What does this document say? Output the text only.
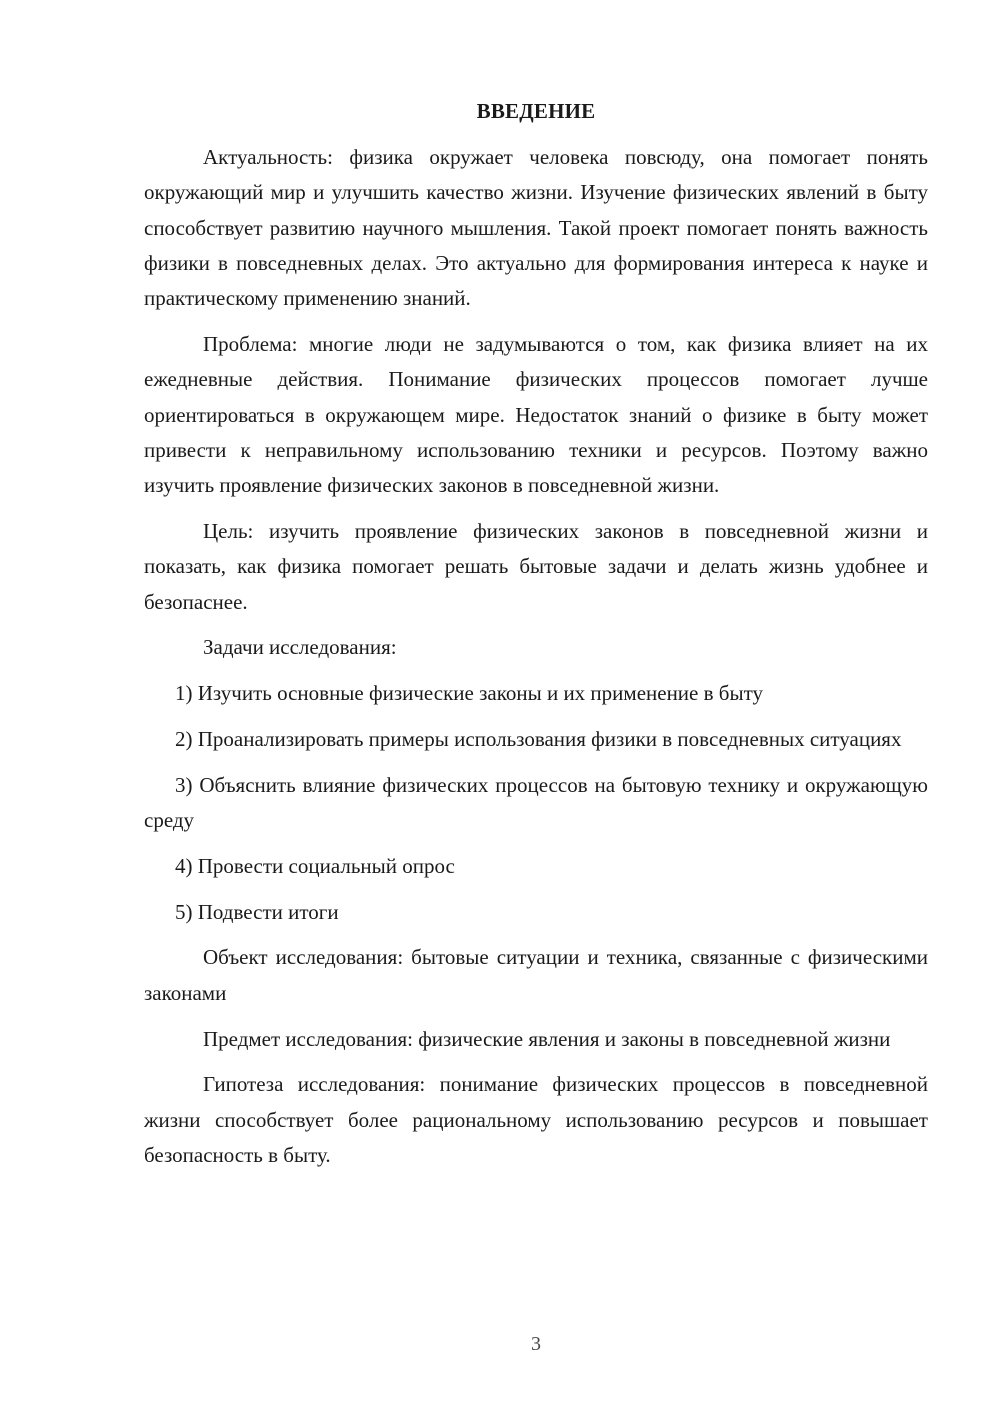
ВВЕДЕНИЕ

Актуальность: физика окружает человека повсюду, она помогает понять окружающий мир и улучшить качество жизни. Изучение физических явлений в быту способствует развитию научного мышления. Такой проект помогает понять важность физики в повседневных делах. Это актуально для формирования интереса к науке и практическому применению знаний.

Проблема: многие люди не задумываются о том, как физика влияет на их ежедневные действия. Понимание физических процессов помогает лучше ориентироваться в окружающем мире. Недостаток знаний о физике в быту может привести к неправильному использованию техники и ресурсов. Поэтому важно изучить проявление физических законов в повседневной жизни.

Цель: изучить проявление физических законов в повседневной жизни и показать, как физика помогает решать бытовые задачи и делать жизнь удобнее и безопаснее.

Задачи исследования:

1) Изучить основные физические законы и их применение в быту

2) Проанализировать примеры использования физики в повседневных ситуациях

3) Объяснить влияние физических процессов на бытовую технику и окружающую среду

4) Провести социальный опрос

5) Подвести итоги

Объект исследования: бытовые ситуации и техника, связанные с физическими законами

Предмет исследования: физические явления и законы в повседневной жизни

Гипотеза исследования: понимание физических процессов в повседневной жизни способствует более рациональному использованию ресурсов и повышает безопасность в быту.

3
